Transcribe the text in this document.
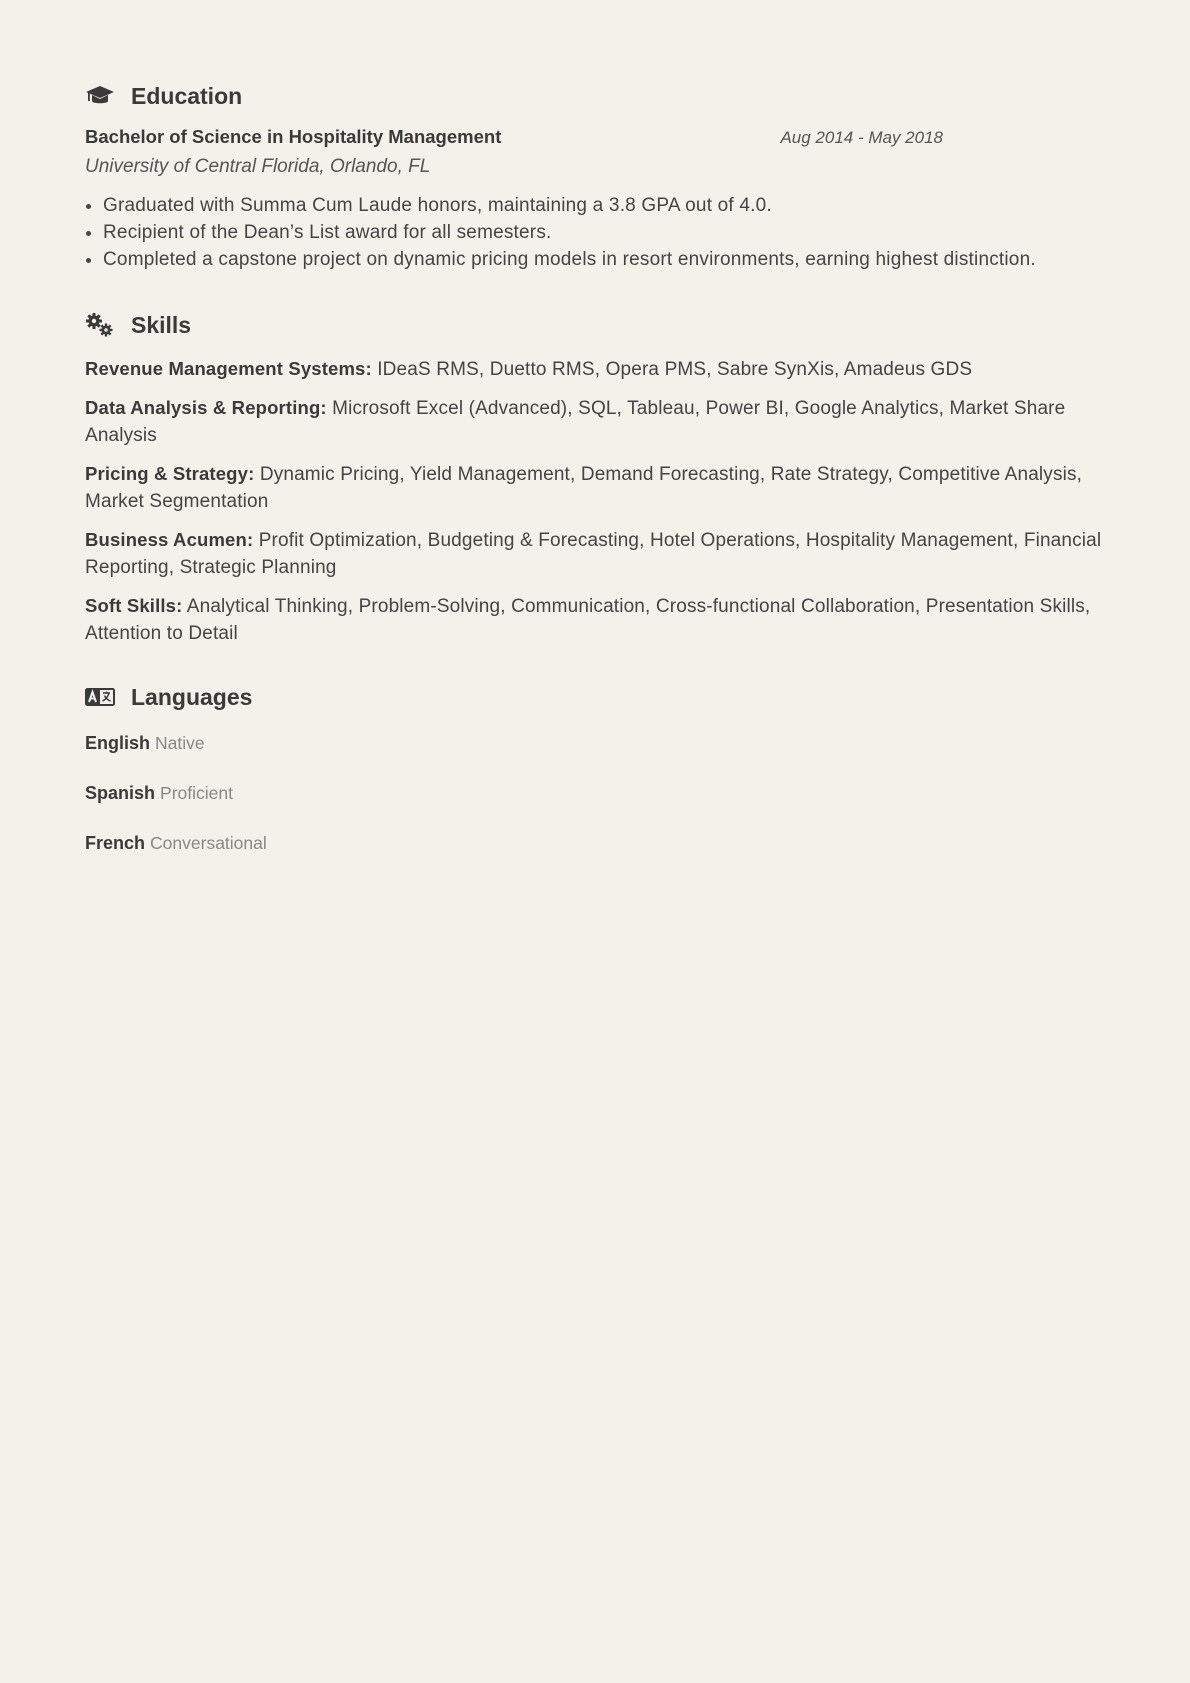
Education
Bachelor of Science in Hospitality Management	Aug 2014 - May 2018
University of Central Florida, Orlando, FL
• Graduated with Summa Cum Laude honors, maintaining a 3.8 GPA out of 4.0.
• Recipient of the Dean’s List award for all semesters.
• Completed a capstone project on dynamic pricing models in resort environments, earning highest distinction.
Skills
Revenue Management Systems: IDeaS RMS, Duetto RMS, Opera PMS, Sabre SynXis, Amadeus GDS
Data Analysis & Reporting: Microsoft Excel (Advanced), SQL, Tableau, Power BI, Google Analytics, Market Share Analysis
Pricing & Strategy: Dynamic Pricing, Yield Management, Demand Forecasting, Rate Strategy, Competitive Analysis, Market Segmentation
Business Acumen: Profit Optimization, Budgeting & Forecasting, Hotel Operations, Hospitality Management, Financial Reporting, Strategic Planning
Soft Skills: Analytical Thinking, Problem-Solving, Communication, Cross-functional Collaboration, Presentation Skills, Attention to Detail
Languages
English Native
Spanish Proficient
French Conversational
